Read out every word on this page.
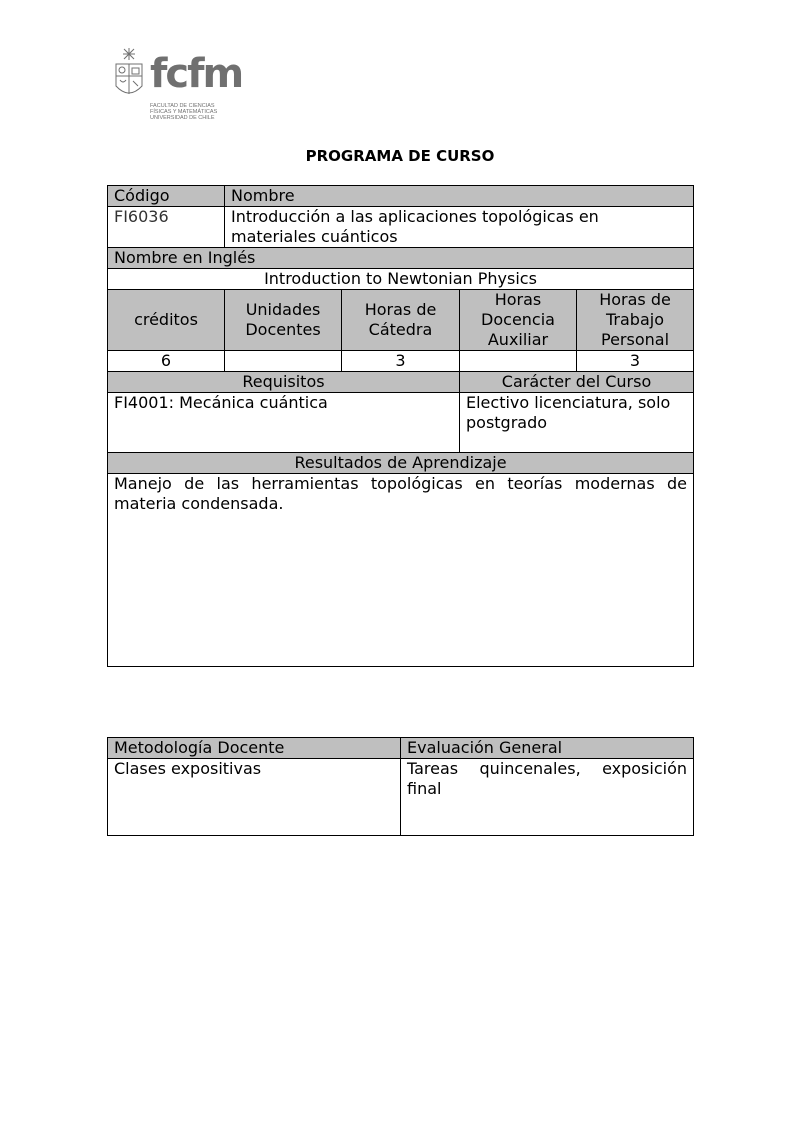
fcfm
FACULTAD DE CIENCIAS
FÍSICAS Y MATEMÁTICAS
UNIVERSIDAD DE CHILE
PROGRAMA DE CURSO
Código	Nombre			
FI6036	Introducción a las aplicaciones topológicas en materiales cuánticos			
Nombre en Inglés				
Introduction to Newtonian Physics				
créditos	Unidades Docentes	Horas de Cátedra	Horas Docencia Auxiliar	Horas de Trabajo Personal
6		3		3
Requisitos			Carácter del Curso	
FI4001: Mecánica cuántica			Electivo licenciatura, solo postgrado	
Resultados de Aprendizaje				
Manejo de las herramientas topológicas en teorías modernas de materia condensada.				
Metodología Docente	Evaluación General
Clases expositivas	Tareas quincenales, exposición final
